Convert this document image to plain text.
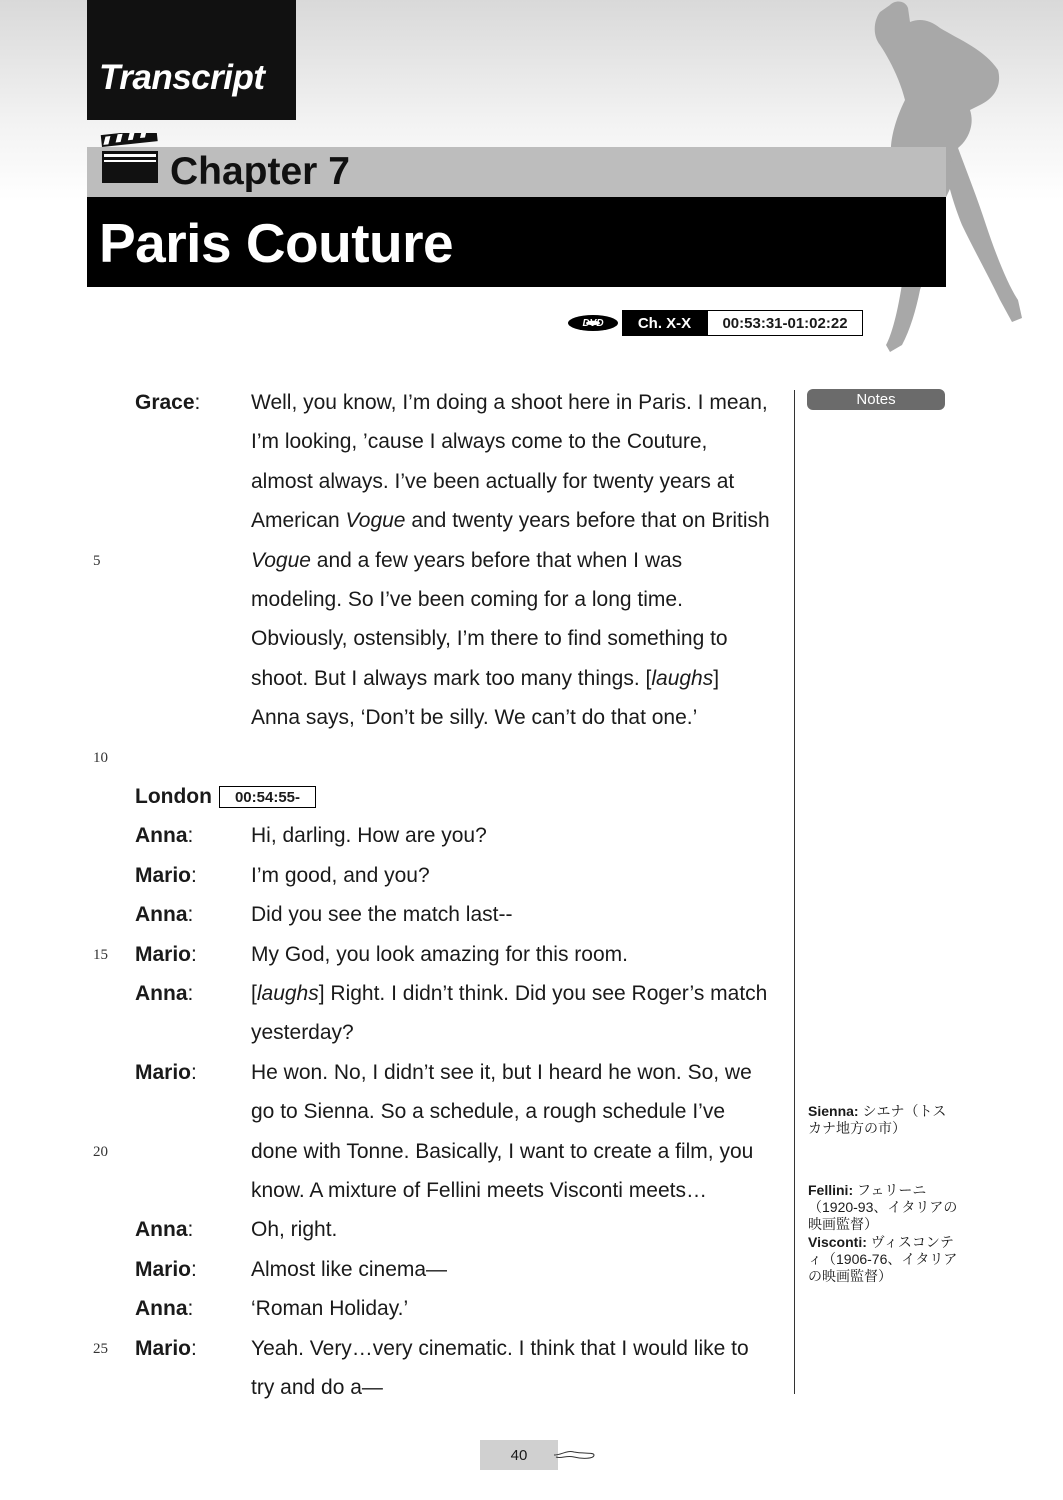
Transcript
Chapter 7
Paris Couture
DVD	Ch. X-X	00:53:31-01:02:22
Notes
5
10
15
20
25
Grace: Well, you know, I’m doing a shoot here in Paris. I mean,
I’m looking, ’cause I always come to the Couture,
almost always. I’ve been actually for twenty years at
American Vogue and twenty years before that on British
Vogue and a few years before that when I was
modeling. So I’ve been coming for a long time.
Obviously, ostensibly, I’m there to find something to
shoot. But I always mark too many things. [laughs]
Anna says, ‘Don’t be silly. We can’t do that one.’
London	00:54:55-
Anna:	Hi, darling. How are you?
Mario:	I’m good, and you?
Anna:	Did you see the match last--
Mario:	My God, you look amazing for this room.
Anna:	[laughs] Right. I didn’t think. Did you see Roger’s match
yesterday?
Mario:	He won. No, I didn’t see it, but I heard he won. So, we
go to Sienna. So a schedule, a rough schedule I’ve
done with Tonne. Basically, I want to create a film, you
know. A mixture of Fellini meets Visconti meets…
Anna:	Oh, right.
Mario:	Almost like cinema—
Anna:	‘Roman Holiday.’
Mario:	Yeah. Very…very cinematic. I think that I would like to
try and do a—
Sienna: シエナ（トスカナ地方の市）
Fellini: フェリーニ（1920-93、イタリアの映画監督）
Visconti: ヴィスコンティ（1906-76、イタリアの映画監督）
40
